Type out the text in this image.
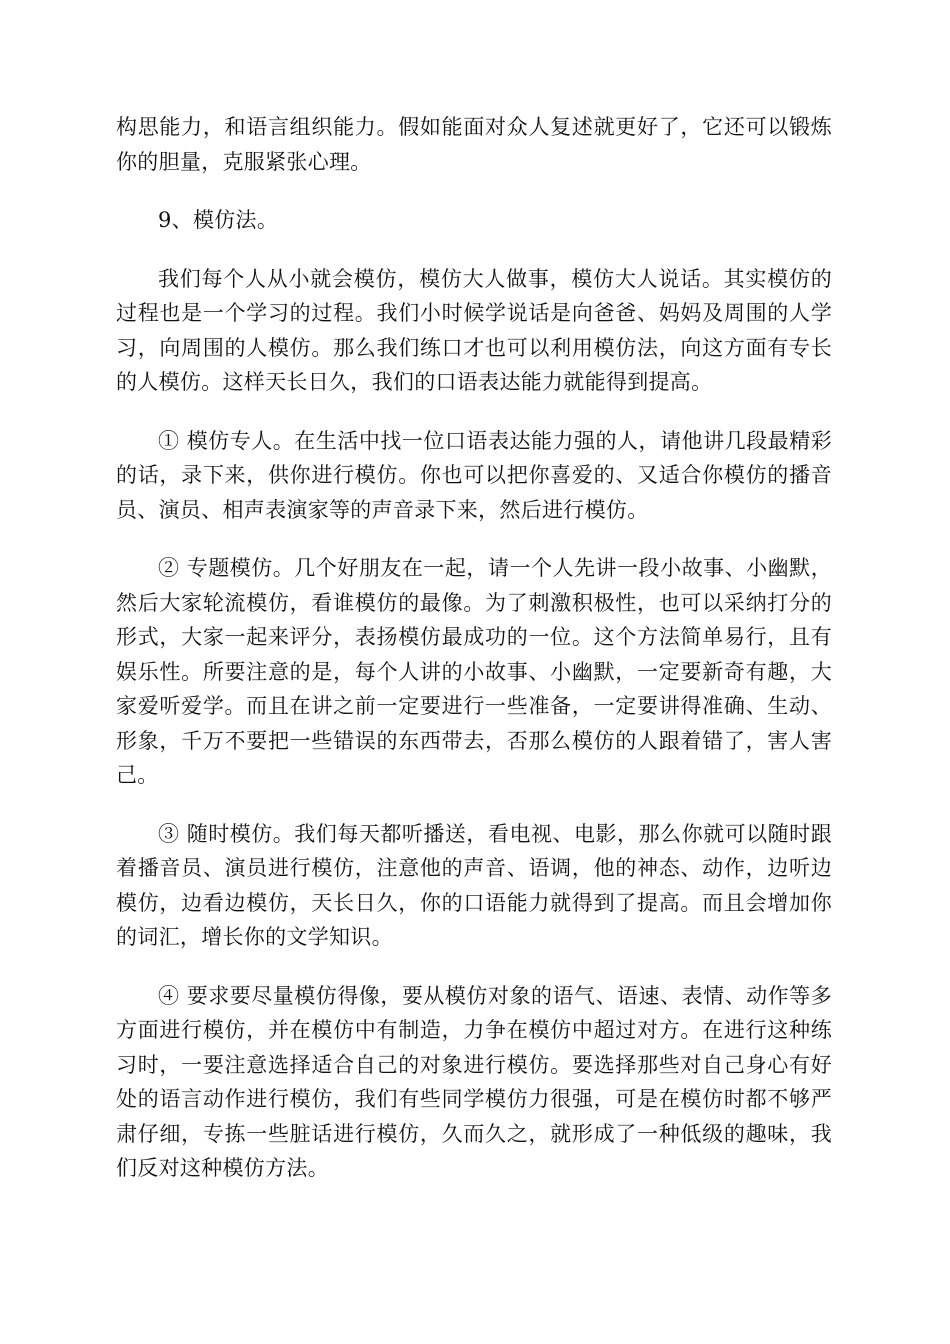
构思能力，和语言组织能力。假如能面对众人复述就更好了，它还可以锻炼你的胆量，克服紧张心理。

9、模仿法。

我们每个人从小就会模仿，模仿大人做事，模仿大人说话。其实模仿的过程也是一个学习的过程。我们小时候学说话是向爸爸、妈妈及周围的人学习，向周围的人模仿。那么我们练口才也可以利用模仿法，向这方面有专长的人模仿。这样天长日久，我们的口语表达能力就能得到提高。

① 模仿专人。在生活中找一位口语表达能力强的人，请他讲几段最精彩的话，录下来，供你进行模仿。你也可以把你喜爱的、又适合你模仿的播音员、演员、相声表演家等的声音录下来，然后进行模仿。

② 专题模仿。几个好朋友在一起，请一个人先讲一段小故事、小幽默，然后大家轮流模仿，看谁模仿的最像。为了刺激积极性，也可以采纳打分的形式，大家一起来评分，表扬模仿最成功的一位。这个方法简单易行，且有娱乐性。所要注意的是，每个人讲的小故事、小幽默，一定要新奇有趣，大家爱听爱学。而且在讲之前一定要进行一些准备，一定要讲得准确、生动、形象，千万不要把一些错误的东西带去，否那么模仿的人跟着错了，害人害己。

③ 随时模仿。我们每天都听播送，看电视、电影，那么你就可以随时跟着播音员、演员进行模仿，注意他的声音、语调，他的神态、动作，边听边模仿，边看边模仿，天长日久，你的口语能力就得到了提高。而且会增加你的词汇，增长你的文学知识。

④ 要求要尽量模仿得像，要从模仿对象的语气、语速、表情、动作等多方面进行模仿，并在模仿中有制造，力争在模仿中超过对方。在进行这种练习时，一要注意选择适合自己的对象进行模仿。要选择那些对自己身心有好处的语言动作进行模仿，我们有些同学模仿力很强，可是在模仿时都不够严肃仔细，专拣一些脏话进行模仿，久而久之，就形成了一种低级的趣味，我们反对这种模仿方法。
